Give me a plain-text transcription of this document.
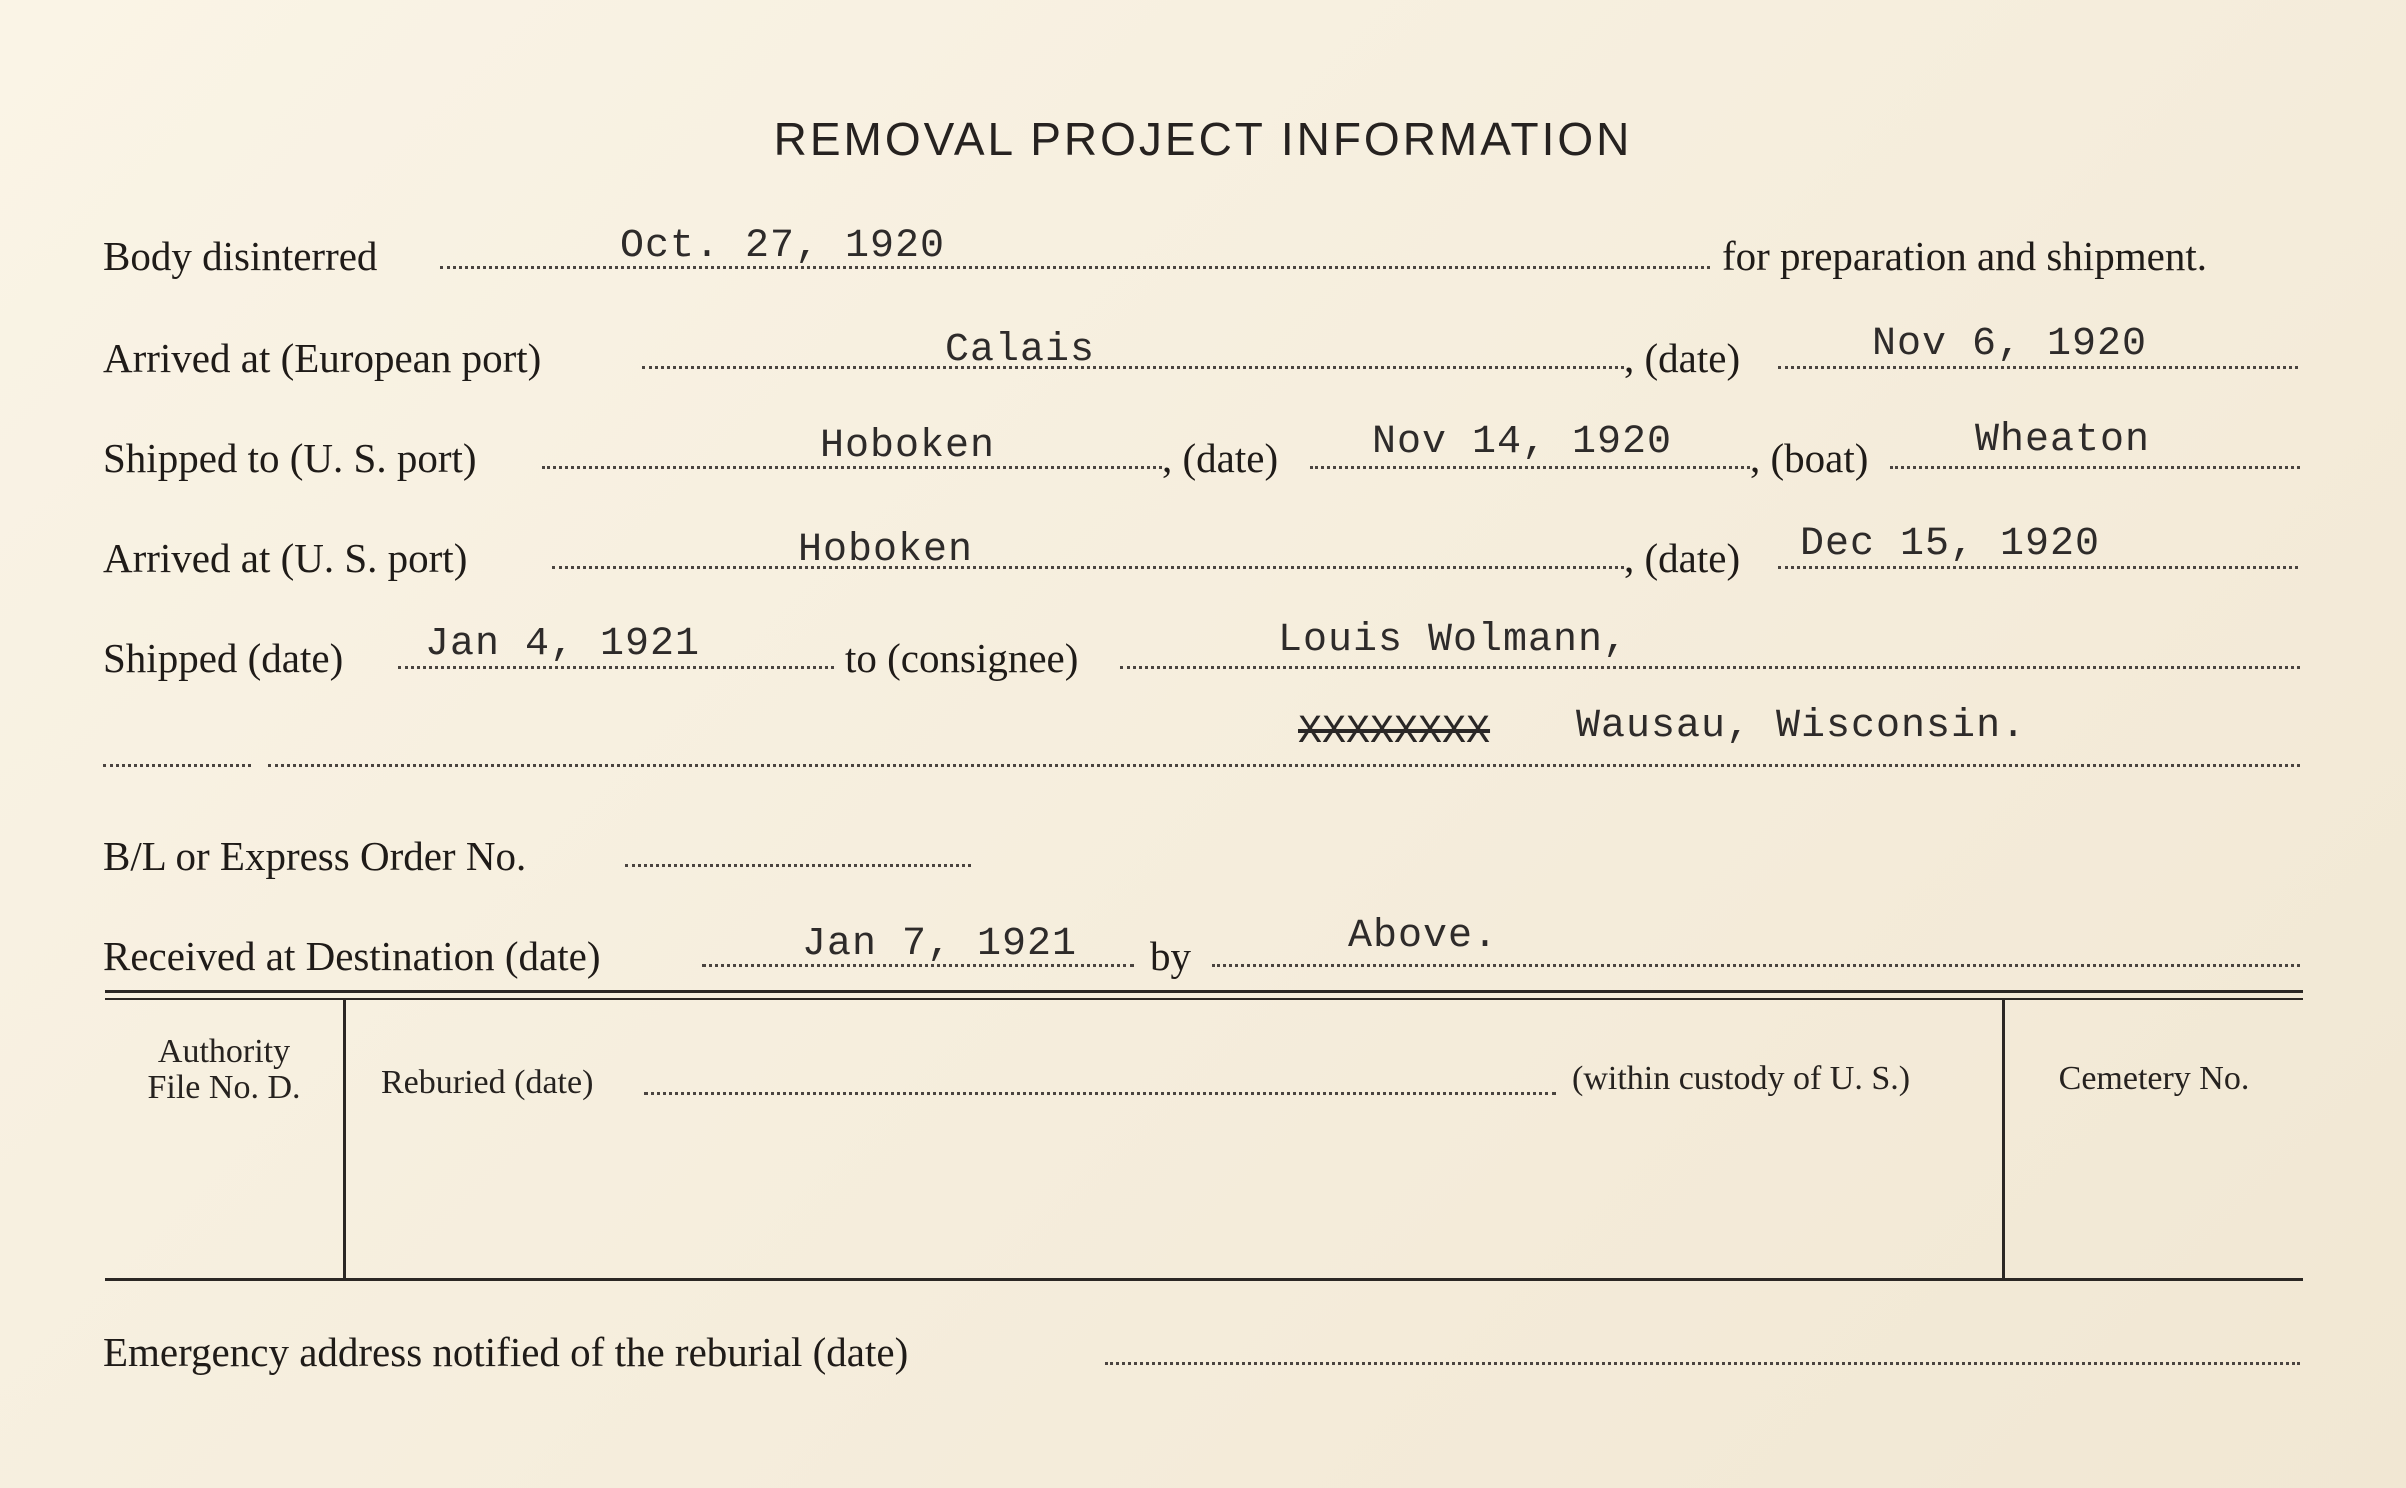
REMOVAL PROJECT INFORMATION
Body disinterred	Oct. 27, 1920	for preparation and shipment.
Arrived at (European port)	Calais	, (date)	Nov 6, 1920
Shipped to (U. S. port)	Hoboken	, (date) Nov 14, 1920 , (boat)	Wheaton
Arrived at (U. S. port)	Hoboken	, (date) Dec 15, 1920
Shipped (date) Jan 4, 1921	to (consignee)	Louis Wolmann,
XXXXXXXX Wausau, Wisconsin.
B/L or Express Order No.
Received at Destination (date)	Jan 7, 1921 by	Above.
Authority
File No. D.	Reburied (date)	(within custody of U. S.)	Cemetery No.
Emergency address notified of the reburial (date)
